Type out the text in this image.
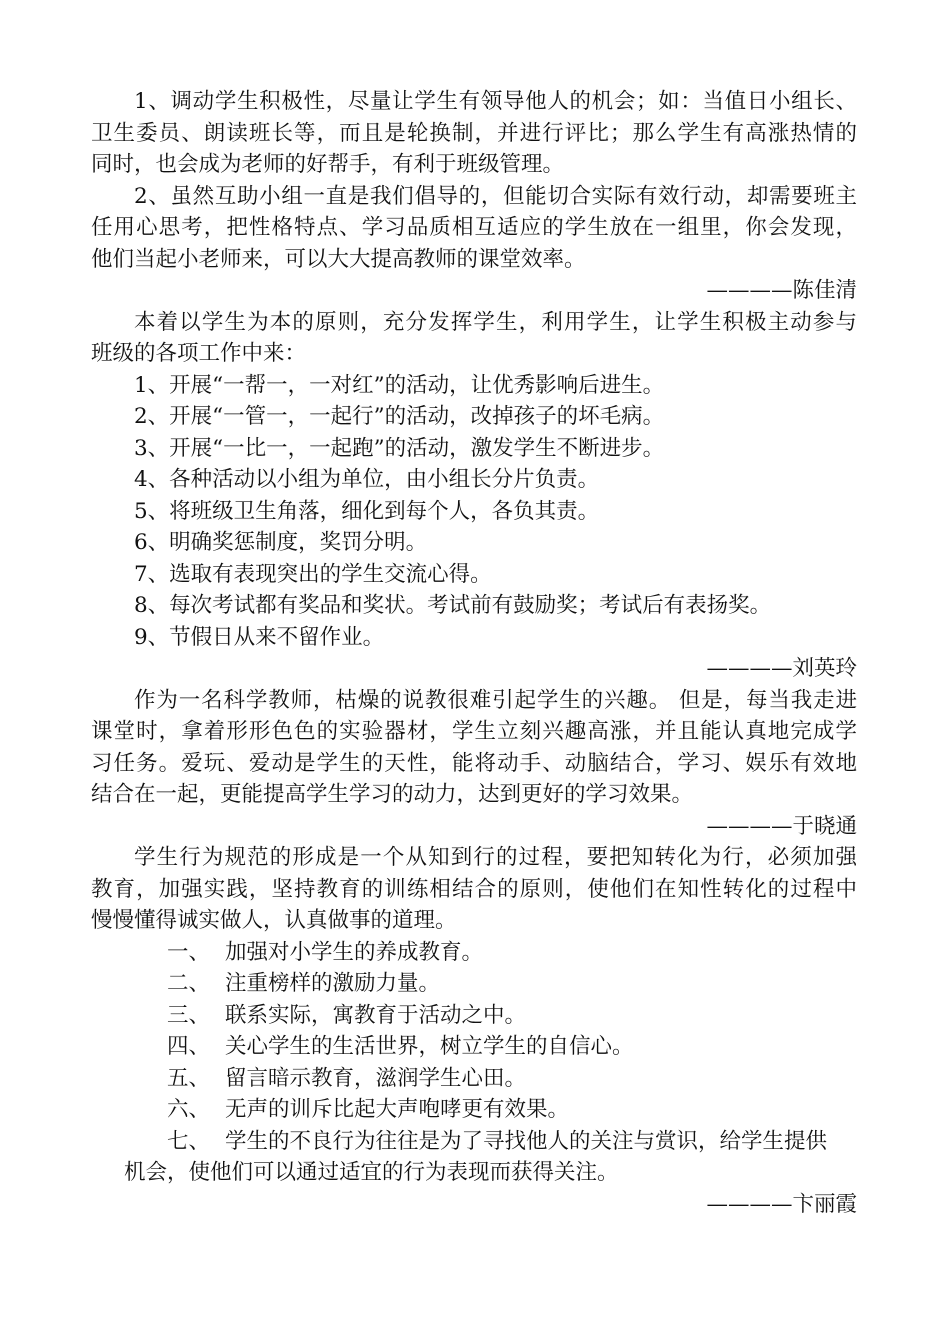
1、调动学生积极性，尽量让学生有领导他人的机会；如：当值日小组长、
卫生委员、朗读班长等，而且是轮换制，并进行评比；那么学生有高涨热情的
同时，也会成为老师的好帮手，有利于班级管理。
2、虽然互助小组一直是我们倡导的，但能切合实际有效行动，却需要班主
任用心思考，把性格特点、学习品质相互适应的学生放在一组里，你会发现，
他们当起小老师来，可以大大提高教师的课堂效率。
————陈佳清
本着以学生为本的原则，充分发挥学生，利用学生，让学生积极主动参与
班级的各项工作中来：
1、开展“一帮一，一对红”的活动，让优秀影响后进生。
2、开展“一管一，一起行”的活动，改掉孩子的坏毛病。
3、开展“一比一，一起跑”的活动，激发学生不断进步。
4、各种活动以小组为单位，由小组长分片负责。
5、将班级卫生角落，细化到每个人，各负其责。
6、明确奖惩制度，奖罚分明。
7、选取有表现突出的学生交流心得。
8、每次考试都有奖品和奖状。考试前有鼓励奖；考试后有表扬奖。
9、节假日从来不留作业。
————刘英玲
作为一名科学教师，枯燥的说教很难引起学生的兴趣。 但是，每当我走进
课堂时，拿着形形色色的实验器材，学生立刻兴趣高涨，并且能认真地完成学
习任务。爱玩、爱动是学生的天性，能将动手、动脑结合，学习、娱乐有效地
结合在一起，更能提高学生学习的动力，达到更好的学习效果。
————于晓通
学生行为规范的形成是一个从知到行的过程，要把知转化为行，必须加强
教育，加强实践，坚持教育的训练相结合的原则，使他们在知性转化的过程中
慢慢懂得诚实做人，认真做事的道理。
一、 加强对小学生的养成教育。
二、 注重榜样的激励力量。
三、 联系实际，寓教育于活动之中。
四、 关心学生的生活世界，树立学生的自信心。
五、 留言暗示教育，滋润学生心田。
六、 无声的训斥比起大声咆哮更有效果。
七、 学生的不良行为往往是为了寻找他人的关注与赏识，给学生提供
机会，使他们可以通过适宜的行为表现而获得关注。
————卞丽霞
